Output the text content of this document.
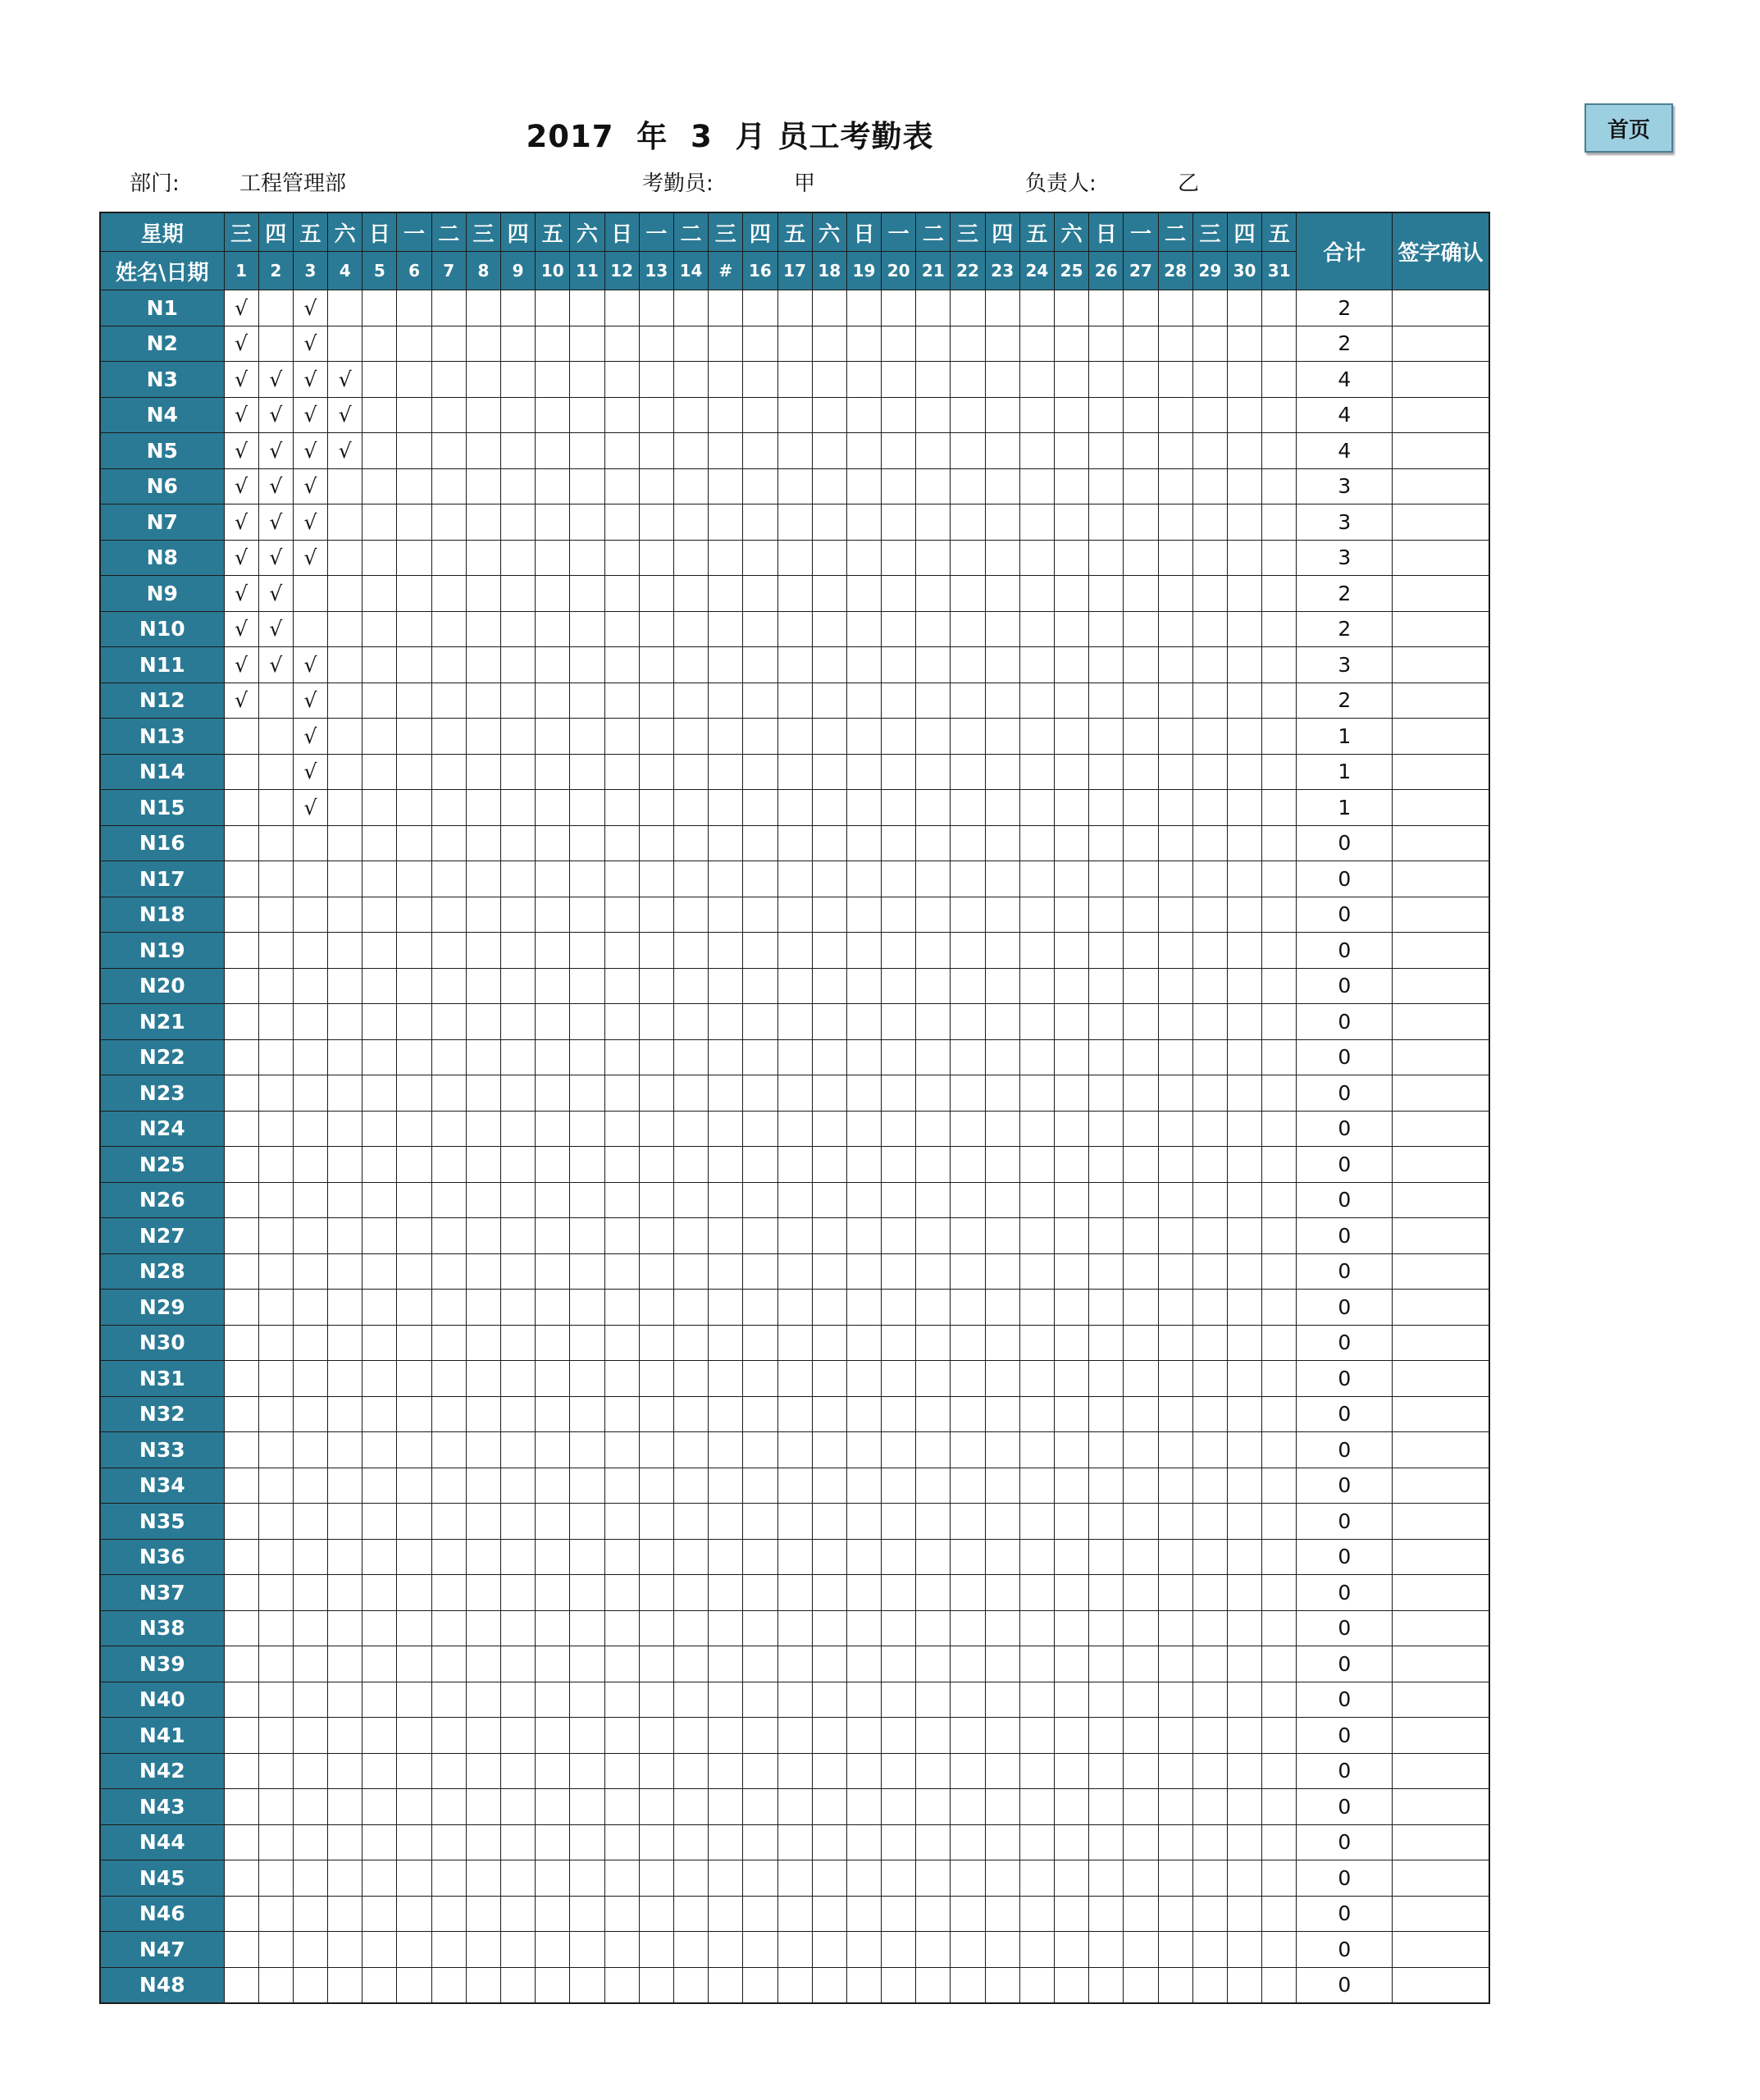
2017  年  3  月 员工考勤表	首页
部门:	工程管理部	考勤员:	甲	负责人:	乙
星期	三	四	五	六	日	一	二	三	四	五	六	日	一	二	三	四	五	六	日	一	二	三	四	五	六	日	一	二	三	四	五	合计	签字确认
姓名\日期	1	2	3	4	5	6	7	8	9	10	11	12	13	14	#	16	17	18	19	20	21	22	23	24	25	26	27	28	29	30	31		
N1	√		√																													2	
N2	√		√																													2	
N3	√	√	√	√																												4	
N4	√	√	√	√																												4	
N5	√	√	√	√																												4	
N6	√	√	√																													3	
N7	√	√	√																													3	
N8	√	√	√																													3	
N9	√	√																														2	
N10	√	√																														2	
N11	√	√	√																													3	
N12	√		√																													2	
N13			√																													1	
N14			√																													1	
N15			√																													1	
N16																																0	
N17																																0	
N18																																0	
N19																																0	
N20																																0	
N21																																0	
N22																																0	
N23																																0	
N24																																0	
N25																																0	
N26																																0	
N27																																0	
N28																																0	
N29																																0	
N30																																0	
N31																																0	
N32																																0	
N33																																0	
N34																																0	
N35																																0	
N36																																0	
N37																																0	
N38																																0	
N39																																0	
N40																																0	
N41																																0	
N42																																0	
N43																																0	
N44																																0	
N45																																0	
N46																																0	
N47																																0	
N48																																0	
